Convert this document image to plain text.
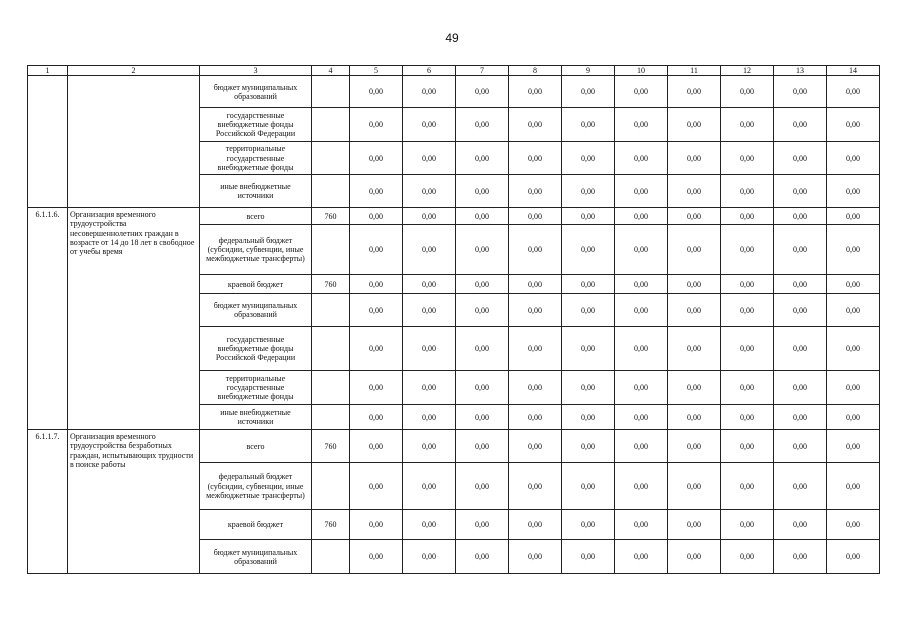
49
1	2	3	4	5	6	7	8	9	10	11	12	13	14
		бюджет муниципальных образований		0,00	0,00	0,00	0,00	0,00	0,00	0,00	0,00	0,00	0,00
		государственные внебюджетные фонды Российской Федерации		0,00	0,00	0,00	0,00	0,00	0,00	0,00	0,00	0,00	0,00
		территориальные государственные внебюджетные фонды		0,00	0,00	0,00	0,00	0,00	0,00	0,00	0,00	0,00	0,00
		иные внебюджетные источники		0,00	0,00	0,00	0,00	0,00	0,00	0,00	0,00	0,00	0,00
6.1.1.6.	Организация временного трудоустройства несовершеннолетних граждан в возрасте от 14 до 18 лет в свободное от учебы время	всего	760	0,00	0,00	0,00	0,00	0,00	0,00	0,00	0,00	0,00	0,00
		федеральный бюджет (субсидии, субвенции, иные межбюджетные трансферты)		0,00	0,00	0,00	0,00	0,00	0,00	0,00	0,00	0,00	0,00
		краевой бюджет	760	0,00	0,00	0,00	0,00	0,00	0,00	0,00	0,00	0,00	0,00
		бюджет муниципальных образований		0,00	0,00	0,00	0,00	0,00	0,00	0,00	0,00	0,00	0,00
		государственные внебюджетные фонды Российской Федерации		0,00	0,00	0,00	0,00	0,00	0,00	0,00	0,00	0,00	0,00
		территориальные государственные внебюджетные фонды		0,00	0,00	0,00	0,00	0,00	0,00	0,00	0,00	0,00	0,00
		иные внебюджетные источники		0,00	0,00	0,00	0,00	0,00	0,00	0,00	0,00	0,00	0,00
6.1.1.7.	Организация временного трудоустройства безработных граждан, испытывающих трудности в поиске работы	всего	760	0,00	0,00	0,00	0,00	0,00	0,00	0,00	0,00	0,00	0,00
		федеральный бюджет (субсидии, субвенции, иные межбюджетные трансферты)		0,00	0,00	0,00	0,00	0,00	0,00	0,00	0,00	0,00	0,00
		краевой бюджет	760	0,00	0,00	0,00	0,00	0,00	0,00	0,00	0,00	0,00	0,00
		бюджет муниципальных образований		0,00	0,00	0,00	0,00	0,00	0,00	0,00	0,00	0,00	0,00
